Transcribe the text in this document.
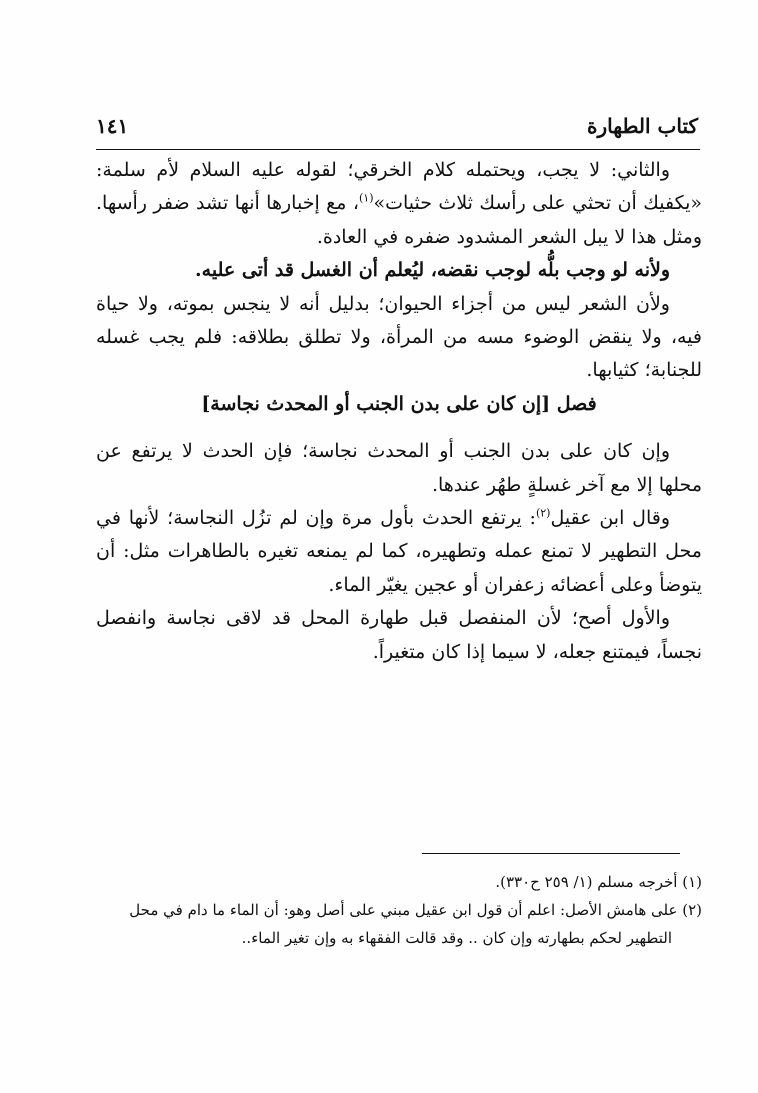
كتاب الطهارة
١٤١

والثاني: لا يجب، ويحتمله كلام الخرقي؛ لقوله عليه السلام لأم سلمة: «يكفيك أن تحثي على رأسك ثلاث حثيات»$^{(١)}$، مع إخبارها أنها تشد ضفر رأسها. ومثل هذا لا يبل الشعر المشدود ضفره في العادة.

ولأنه لو وجب بلُّه لوجب نقضه، ليُعلم أن الغسل قد أتى عليه.

ولأن الشعر ليس من أجزاء الحيوان؛ بدليل أنه لا ينجس بموته، ولا حياة فيه، ولا ينقض الوضوء مسه من المرأة، ولا تطلق بطلاقه: فلم يجب غسله للجنابة؛ كثيابها.

فصل [إن كان على بدن الجنب أو المحدث نجاسة]

وإن كان على بدن الجنب أو المحدث نجاسة؛ فإن الحدث لا يرتفع عن محلها إلا مع آخر غسلةٍ طهُر عندها.

وقال ابن عقيل$^{(٢)}$: يرتفع الحدث بأول مرة وإن لم تزُل النجاسة؛ لأنها في محل التطهير لا تمنع عمله وتطهيره، كما لم يمنعه تغيره بالطاهرات مثل: أن يتوضأ وعلى أعضائه زعفران أو عجين يغيّر الماء.

والأول أصح؛ لأن المنفصل قبل طهارة المحل قد لاقى نجاسة وانفصل نجساً، فيمتنع جعله، لا سيما إذا كان متغيراً.

(١) أخرجه مسلم (١/ ٢٥٩ ح٣٣٠).

(٢) على هامش الأصل: اعلم أن قول ابن عقيل مبني على أصل وهو: أن الماء ما دام في محل

التطهير لحكم بطهارته وإن كان .. وقد قالت الفقهاء به وإن تغير الماء..
